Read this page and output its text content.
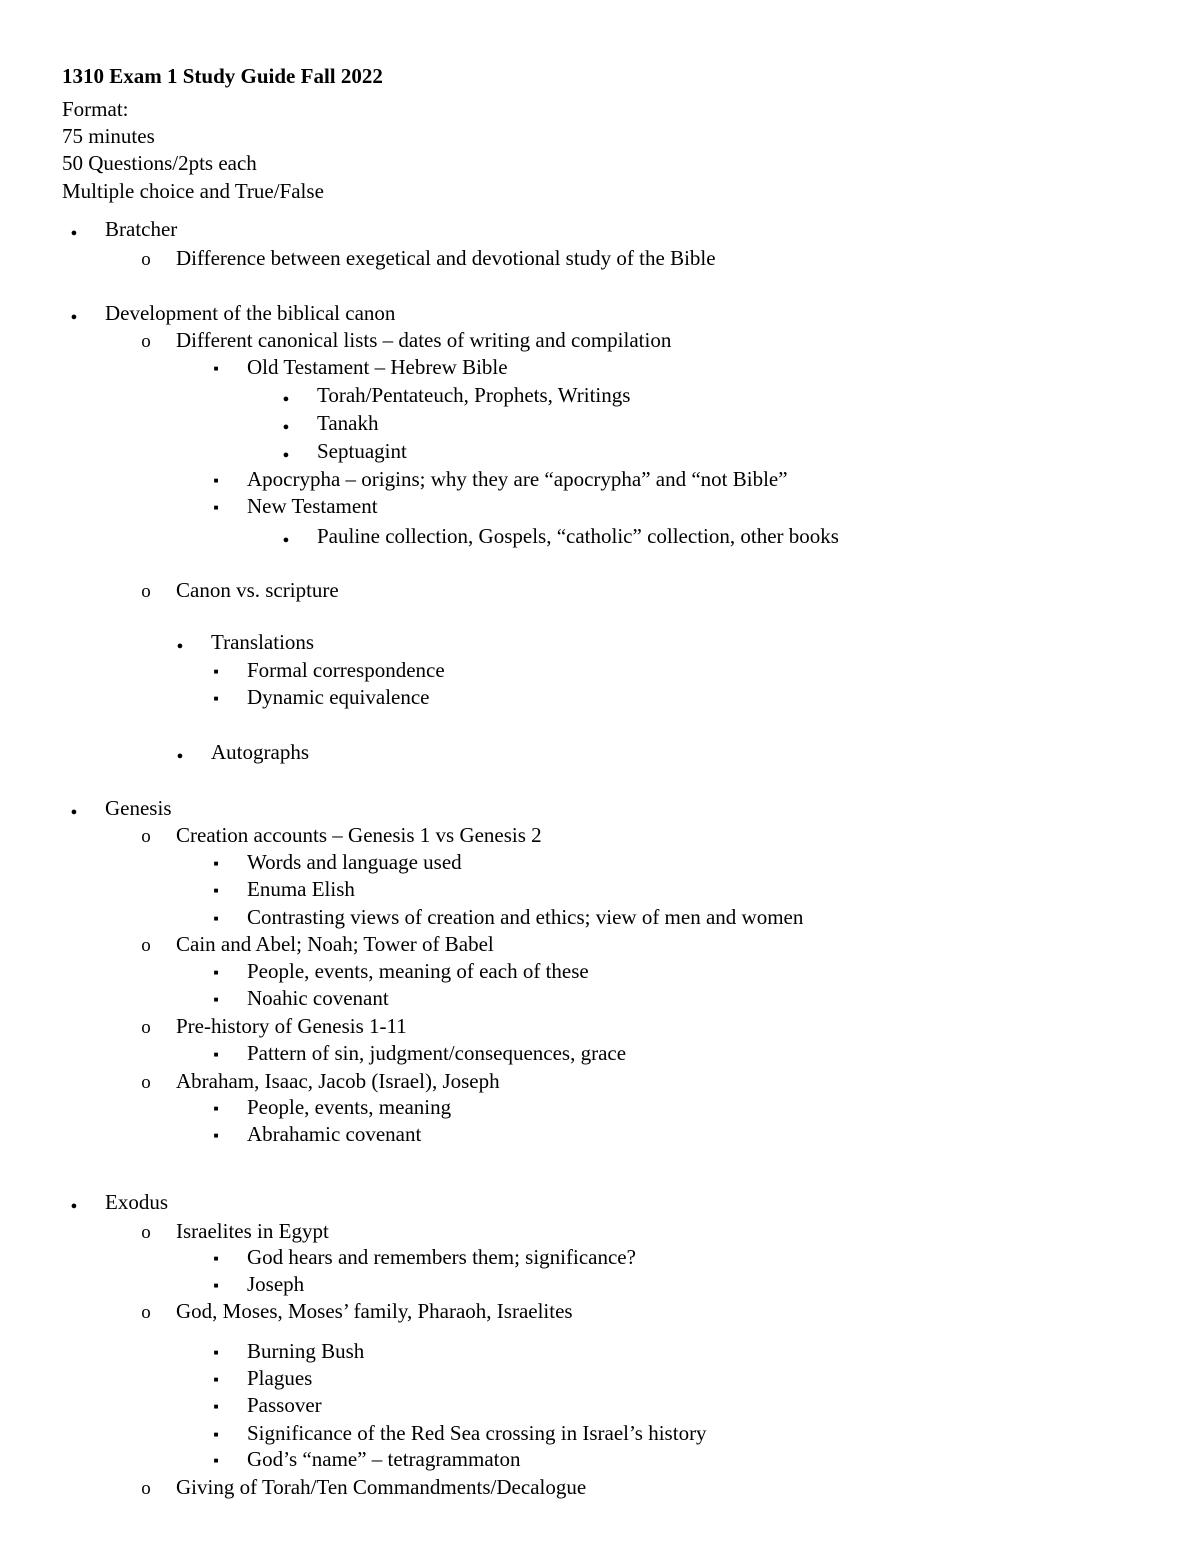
1310 Exam 1 Study Guide Fall 2022
Format:
75 minutes
50 Questions/2pts each
Multiple choice and True/False
●
Bratcher
o
Difference between exegetical and devotional study of the Bible
●
Development of the biblical canon
o
Different canonical lists – dates of writing and compilation
■
Old Testament – Hebrew Bible
●
Torah/Pentateuch, Prophets, Writings
●
Tanakh
●
Septuagint
■
Apocrypha – origins; why they are “apocrypha” and “not Bible”
■
New Testament
●
Pauline collection, Gospels, “catholic” collection, other books
o
Canon vs. scripture
●
Translations
■
Formal correspondence
■
Dynamic equivalence
●
Autographs
●
Genesis
o
Creation accounts – Genesis 1 vs Genesis 2
■
Words and language used
■
Enuma Elish
■
Contrasting views of creation and ethics; view of men and women
o
Cain and Abel; Noah; Tower of Babel
■
People, events, meaning of each of these
■
Noahic covenant
o
Pre-history of Genesis 1-11
■
Pattern of sin, judgment/consequences, grace
o
Abraham, Isaac, Jacob (Israel), Joseph
■
People, events, meaning
■
Abrahamic covenant
●
Exodus
o
Israelites in Egypt
■
God hears and remembers them; significance?
■
Joseph
o
God, Moses, Moses’ family, Pharaoh, Israelites
■
Burning Bush
■
Plagues
■
Passover
■
Significance of the Red Sea crossing in Israel’s history
■
God’s “name” – tetragrammaton
o
Giving of Torah/Ten Commandments/Decalogue
